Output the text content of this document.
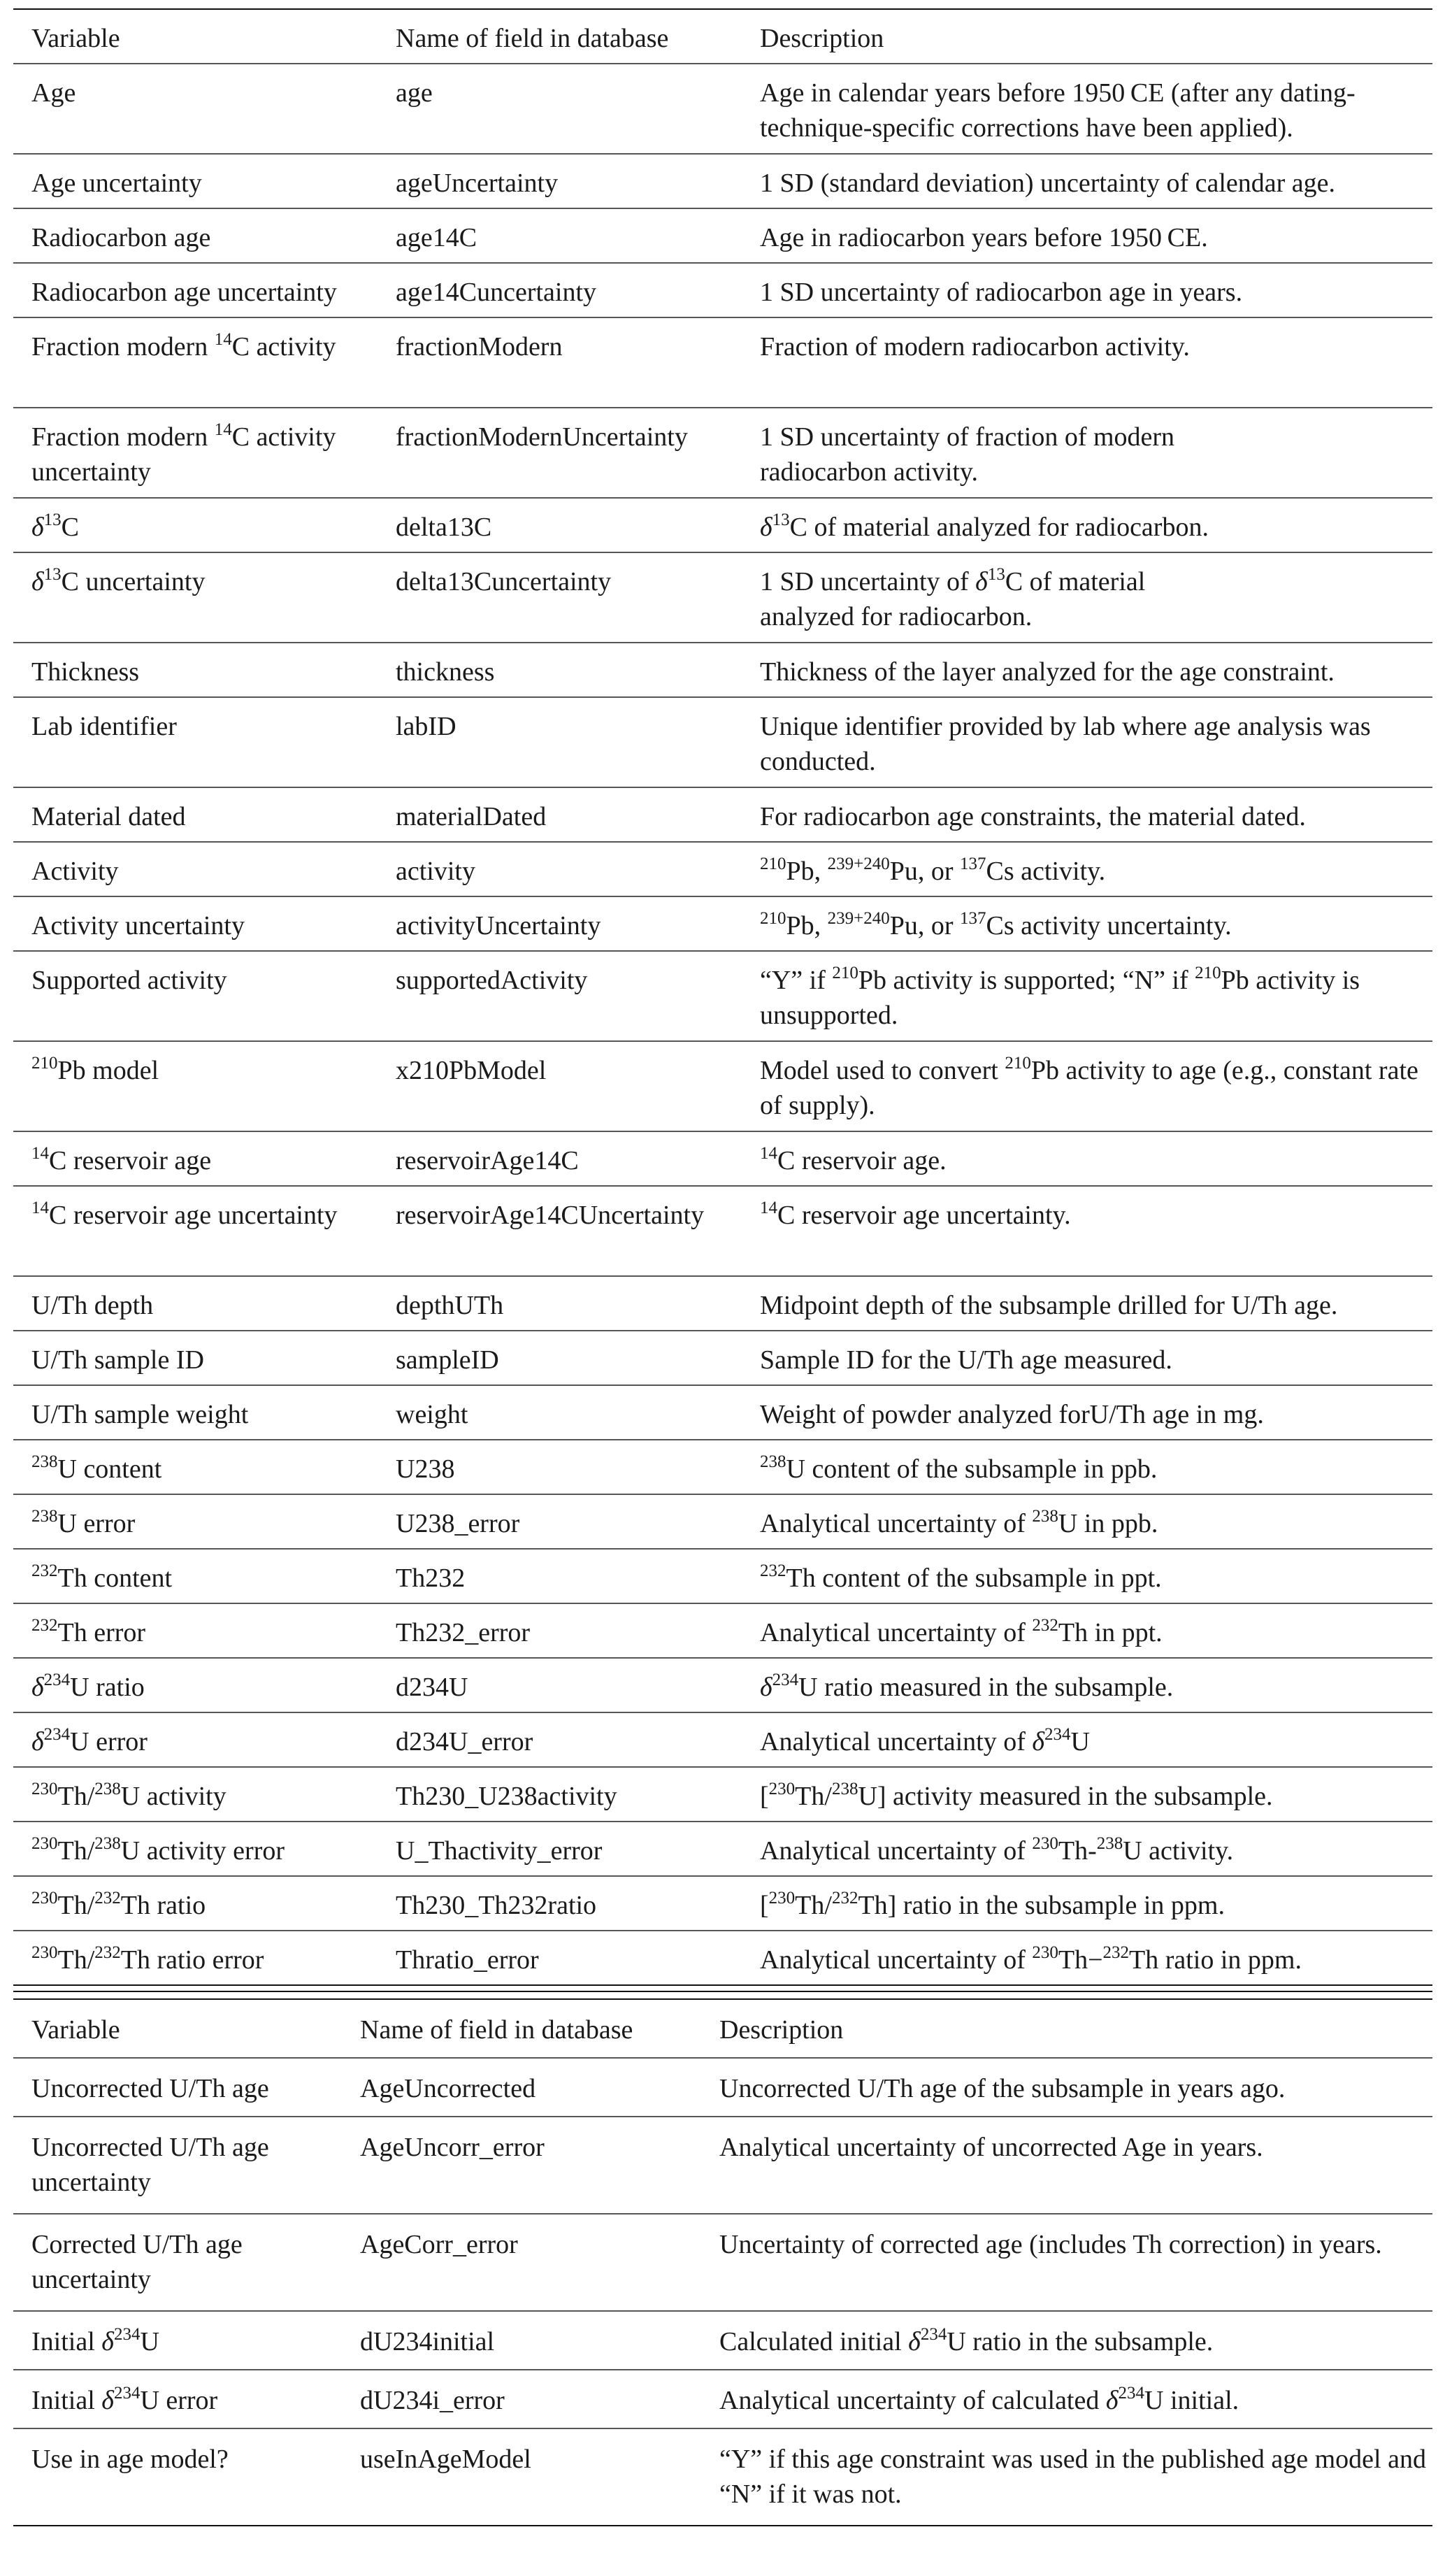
Variable	Name of field in database	Description
Age	age	Age in calendar years before 1950 CE (after any dating-technique-specific corrections have been applied).
Age uncertainty	ageUncertainty	1 SD (standard deviation) uncertainty of calendar age.
Radiocarbon age	age14C	Age in radiocarbon years before 1950 CE.
Radiocarbon age uncertainty	age14Cuncertainty	1 SD uncertainty of radiocarbon age in years.
Fraction modern $^{14}$C activity	fractionModern	Fraction of modern radiocarbon activity.
Fraction modern $^{14}$C activity uncertainty	fractionModernUncertainty	1 SD uncertainty of fraction of modern
radiocarbon activity.
$\delta^{13}C$	delta13C	$\delta^{13}C$ of material analyzed for radiocarbon.
$\delta^{13}C$ uncertainty	delta13Cuncertainty	1 SD uncertainty of $\delta^{13}C$ of material
analyzed for radiocarbon.
Thickness	thickness	Thickness of the layer analyzed for the age constraint.
Lab identifier	labID	Unique identifier provided by lab where age analysis was conducted.
Material dated	materialDated	For radiocarbon age constraints, the material dated.
Activity	activity	$^{210}$Pb, $^{239+240}$Pu, or $^{137}$Cs activity.
Activity uncertainty	activityUncertainty	$^{210}$Pb, $^{239+240}$Pu, or $^{137}$Cs activity uncertainty.
Supported activity	supportedActivity	“Y” if $^{210}$Pb activity is supported; “N” if $^{210}$Pb activity is unsupported.
$^{210}$Pb model	x210PbModel	Model used to convert $^{210}$Pb activity to age (e.g., constant rate of supply).
$^{14}$C reservoir age	reservoirAge14C	$^{14}$C reservoir age.
$^{14}$C reservoir age uncertainty	reservoirAge14CUncertainty	$^{14}$C reservoir age uncertainty.
U/Th depth	depthUTh	Midpoint depth of the subsample drilled for U/Th age.
U/Th sample ID	sampleID	Sample ID for the U/Th age measured.
U/Th sample weight	weight	Weight of powder analyzed forU/Th age in mg.
$^{238}$U content	U238	$^{238}$U content of the subsample in ppb.
$^{238}$U error	U238_error	Analytical uncertainty of $^{238}$U in ppb.
$^{232}$Th content	Th232	$^{232}$Th content of the subsample in ppt.
$^{232}$Th error	Th232_error	Analytical uncertainty of $^{232}$Th in ppt.
$\delta^{234}U$ ratio	d234U	$\delta^{234}U$ ratio measured in the subsample.
$\delta^{234}U$ error	d234U_error	Analytical uncertainty of $\delta^{234}U$
$^{230}$Th/$^{238}$U activity	Th230_U238activity	[$^{230}$Th/$^{238}$U] activity measured in the subsample.
$^{230}$Th/$^{238}$U activity error	U_Thactivity_error	Analytical uncertainty of $^{230}$Th-$^{238}$U activity.
$^{230}$Th/$^{232}$Th ratio	Th230_Th232ratio	[$^{230}$Th/$^{232}$Th] ratio in the subsample in ppm.
$^{230}$Th/$^{232}$Th ratio error	Thratio_error	Analytical uncertainty of $^{230}$Th−$^{232}$Th ratio in ppm.
Variable	Name of field in database	Description
Uncorrected U/Th age	AgeUncorrected	Uncorrected U/Th age of the subsample in years ago.
Uncorrected U/Th age uncertainty	AgeUncorr_error	Analytical uncertainty of uncorrected Age in years.
Corrected U/Th age uncertainty	AgeCorr_error	Uncertainty of corrected age (includes Th correction) in years.
Initial $\delta^{234}U$	dU234initial	Calculated initial $\delta^{234}U$ ratio in the subsample.
Initial $\delta^{234}U$ error	dU234i_error	Analytical uncertainty of calculated $\delta^{234}U$ initial.
Use in age model?	useInAgeModel	“Y” if this age constraint was used in the published age model and “N” if it was not.
